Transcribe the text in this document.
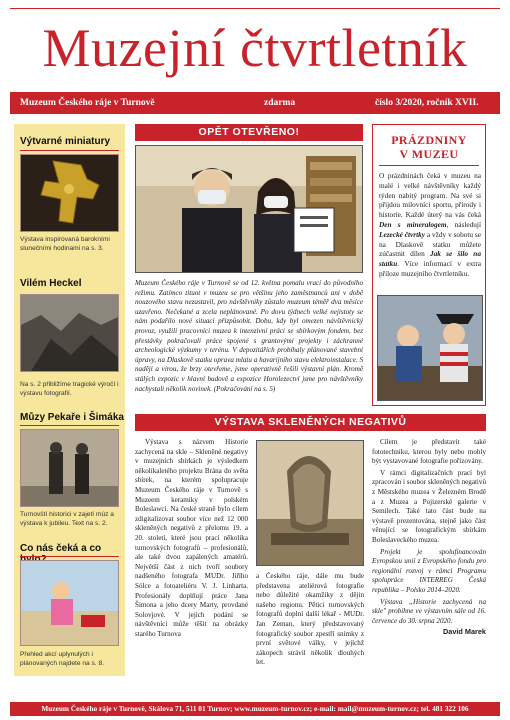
Muzejní čtvrtletník
Muzeum Českého ráje v Turnově	zdarma	číslo 3/2020, ročník XVII.
Výtvarné miniatury
Výstava inspirovaná barokními slunečními hodinami na s. 3.
Vilém Heckel
Na s. 2 přibližíme tragické výročí i výstavu fotografií.
Můzy Pekaře i Šimáka
Turnovští historici v zajetí múz a výstava k jubileu. Text na s. 2.
Co nás čeká a co
Přehled akcí uplynulých i plánovaných najdete na s. 8.
OPĚT OTEVŘENO!
Muzeum Českého ráje v Turnově se od 12. května pomalu vrací do původního režimu. Zatímco tituot v muzeu se pro většinu jeho zaměstnanců ani v době nouzového stavu nezastavil, pro návštěvníky zůstalo muzeum téměř dva měsíce uzavřeno. Nečekané a zcela neplánované. Po dovu týdnech velké nejistoty se nám podařilo nové situaci přizpůsobit. Dobu, kdy byl omezen návštěvnický provoz, využili pracovníci muzea k intenzivní práci se sbírkovým fondem, bez přestávky pokračovali práce spojené s grantovými projekty i záchranné archeologické výzkumy v terénu. V depozitářích probíhaly plánované stavební úpravy, na Dlaskově statku oprava mlatu a havarijního stavu elektroinstalace. S nadějí a vírou, že brzy otevřeme, jsme operativně řešili výstavní plán. Kromě stálých expozic v hlavní budově a expozice Horolezectví jsme pro návštěvníky nachystali několik novinek. (Pokračování na s. 5)
PRÁZDNINY
V MUZEU
O prázdninách čeká v muzeu na malé i velké návštěvníky každý týden nabitý program. Na své si přijdou milovníci sportu, přírody i historie. Každé úterý na vás čeká Den s mineralogem, následují Lezecké čtvrtky a vždy v sobotu se na Dlaskově statku můžete zúčastnit dílen Jak se šilo na statku. Více informací v extra příloze muzejního čtvrtletníku.
VÝSTAVA SKLENĚNÝCH NEGATIVŮ
Výstava s názvem Historie zachycená na skle – Skleněné negativy v muzejních sbírkách je výsledkem několikaletého projektu Brána do světa sbírek, na kterém spolupracuje Muzeum Českého ráje v Turnově s Muzeem keramiky v polském Boleslawci. Na české straně bylo cílem zdigitalizovat soubor více než 12 000 skleněných negativů z přelomu 19. a 20. století, které jsou prací několika turnovských fotografů – profesionálů, ale také dvou zapálených amatérů. Největší část z nich tvoří soubory nadšeného fotografa MUDr. Jiřího Sólce a fotoateliéru V. J. Linharta. Profesionály doplňují práce Jana Šimona a jeho dcery Marty, provdané Solovjové. V jejich podání se návštěvníci může těšit na obrázky starého Turnova
a Českého ráje, dále mu bude představena ateliérová fotografie nebo důležité okamžiky z dějin našeho regionu. Pětici turnovských fotografů doplní další lékař - MUDr. Jan Zeman, který představovaný fotografický soubor zpestří snímky z první světové války, v jejíchž zákopech strávil několik dlouhých let.
Cílem je představit také fototechniku, kterou byly nebo mohly být vystavované fotografie pořizovány.
V rámci digitalizačních prací byl zpracován i soubor skleněných negativů z Městského muzea v Železném Brodě a z Muzea a Pojizerské galerie v Semilech. Také tato část bude na výstavě prezentována, stejně jako část věnující se fotografickým sbírkám Boleslaveckého muzea.
Projekt je spolufinancován Evropskou unií z Evropského fondu pro regionální rozvoj v rámci Programu spolupráce INTERREG Česká republika – Polsko 2014–2020.
Výstava „Historie zachycená na skle" probíhne ve výstavním sále od 16. července do 30. srpna 2020.
David Marek
Muzeum Českého ráje v Turnově, Skálova 71, 511 01 Turnov; www.muzeum-turnov.cz; e-mail: mail@muzeum-turnov.cz; tel. 481 322 106
